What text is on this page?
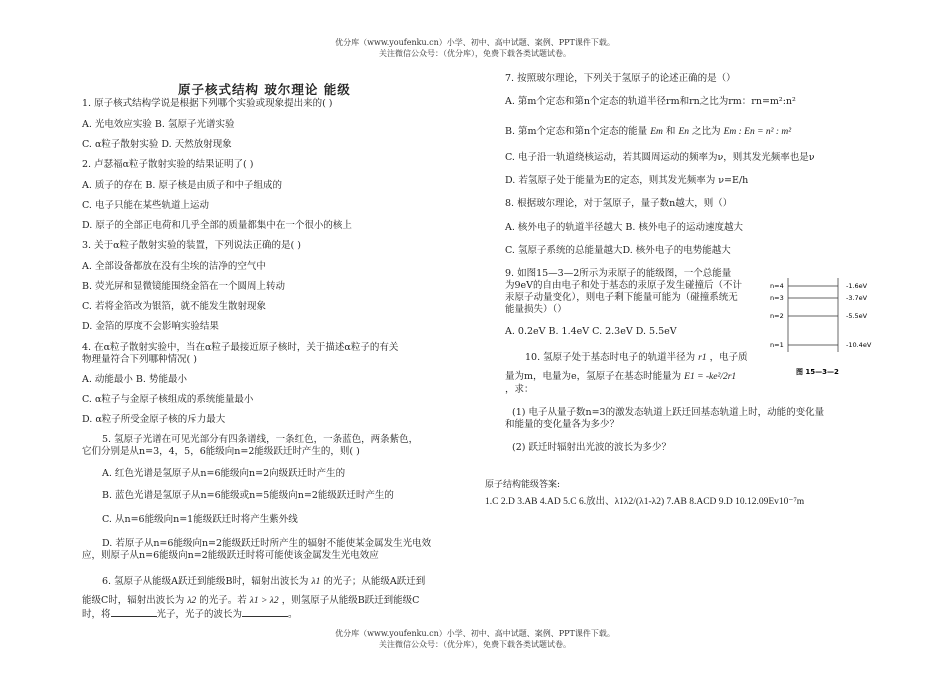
优分库（www.youfenku.cn）小学、初中、高中试题、案例、PPT课件下载。
关注微信公众号：（优分库），免费下载各类试题试卷。
优分库（www.youfenku.cn）小学、初中、高中试题、案例、PPT课件下载。
关注微信公众号：（优分库），免费下载各类试题试卷。
原子核式结构 玻尔理论 能级
1. 原子核式结构学说是根据下列哪个实验或现象提出来的( )
A. 光电效应实验 B. 氢原子光谱实验
C. α粒子散射实验 D. 天然放射现象
2. 卢瑟福α粒子散射实验的结果证明了( )
A. 质子的存在 B. 原子核是由质子和中子组成的
C. 电子只能在某些轨道上运动
D. 原子的全部正电荷和几乎全部的质量都集中在一个很小的核上
3. 关于α粒子散射实验的装置，下列说法正确的是( )
A. 全部设备都放在没有尘埃的洁净的空气中
B. 荧光屏和显微镜能围绕金箔在一个圆周上转动
C. 若将金箔改为银箔，就不能发生散射现象
D. 金箔的厚度不会影响实验结果
4. 在α粒子散射实验中，当在α粒子最接近原子核时，关于描述α粒子的有关
物理量符合下列哪种情况( )
A. 动能最小 B. 势能最小
C. α粒子与金原子核组成的系统能量最小
D. α粒子所受金原子核的斥力最大
5. 氢原子光谱在可见光部分有四条谱线，一条红色，一条蓝色，两条紫色，
它们分别是从n=3，4，5，6能级向n=2能级跃迁时产生的，则( )
A. 红色光谱是氢原子从n=6能级向n=2向级跃迁时产生的
B. 蓝色光谱是氢原子从n=6能级或n=5能级向n=2能级跃迁时产生的
C. 从n=6能级向n=1能级跃迁时将产生紫外线
D. 若原子从n=6能级向n=2能级跃迁时所产生的辐射不能使某金属发生光电效
应，则原子从n=6能级向n=2能级跃迁时将可能使该金属发生光电效应
6. 氢原子从能级A跃迁到能级B时，辐射出波长为 λ1 的光子；从能级A跃迁到
能级C时，辐射出波长为 λ2 的光子。若 λ1 > λ2 ，则氢原子从能级B跃迁到能级C
时，将	光子，光子的波长为	。
7. 按照玻尔理论，下列关于氢原子的论述正确的是（）
A. 第m个定态和第n个定态的轨道半径rm和rn之比为rm：rn=m²:n²
B. 第m个定态和第n个定态的能量 Em 和 En 之比为 Em : En = n² : m²
C. 电子沿一轨道绕核运动，若其圆周运动的频率为ν，则其发光频率也是ν
D. 若氢原子处于能量为E的定态，则其发光频率为 ν=E/h
8. 根据玻尔理论，对于氢原子，量子数n越大，则（）
A. 核外电子的轨道半径越大 B. 核外电子的运动速度越大
C. 氢原子系统的总能量越大D. 核外电子的电势能越大
9. 如图15—3—2所示为汞原子的能级图，一个总能量
为9eV的自由电子和处于基态的汞原子发生碰撞后（不计
汞原子动量变化），则电子剩下能量可能为（碰撞系统无
能量损失）（）
A. 0.2eV B. 1.4eV C. 2.3eV D. 5.5eV
10. 氢原子处于基态时电子的轨道半径为 r1 ，电子质
量为m，电量为e，氢原子在基态时能量为 E1 = -ke²/2r1
，求：
(1) 电子从量子数n=3的激发态轨道上跃迁回基态轨道上时，动能的变化量
和能量的变化量各为多少？
(2) 跃迁时辐射出光波的波长为多少？
原子结构能级答案:
1.C 2.D 3.AB 4.AD 5.C 6.放出、λ1λ2/(λ1-λ2) 7.AB 8.ACD 9.D 10.12.09Ev10⁻⁷m
n=4
n=3
n=2
n=1
-1.6eV
-3.7eV
-5.5eV
-10.4eV
图 15—3—2
